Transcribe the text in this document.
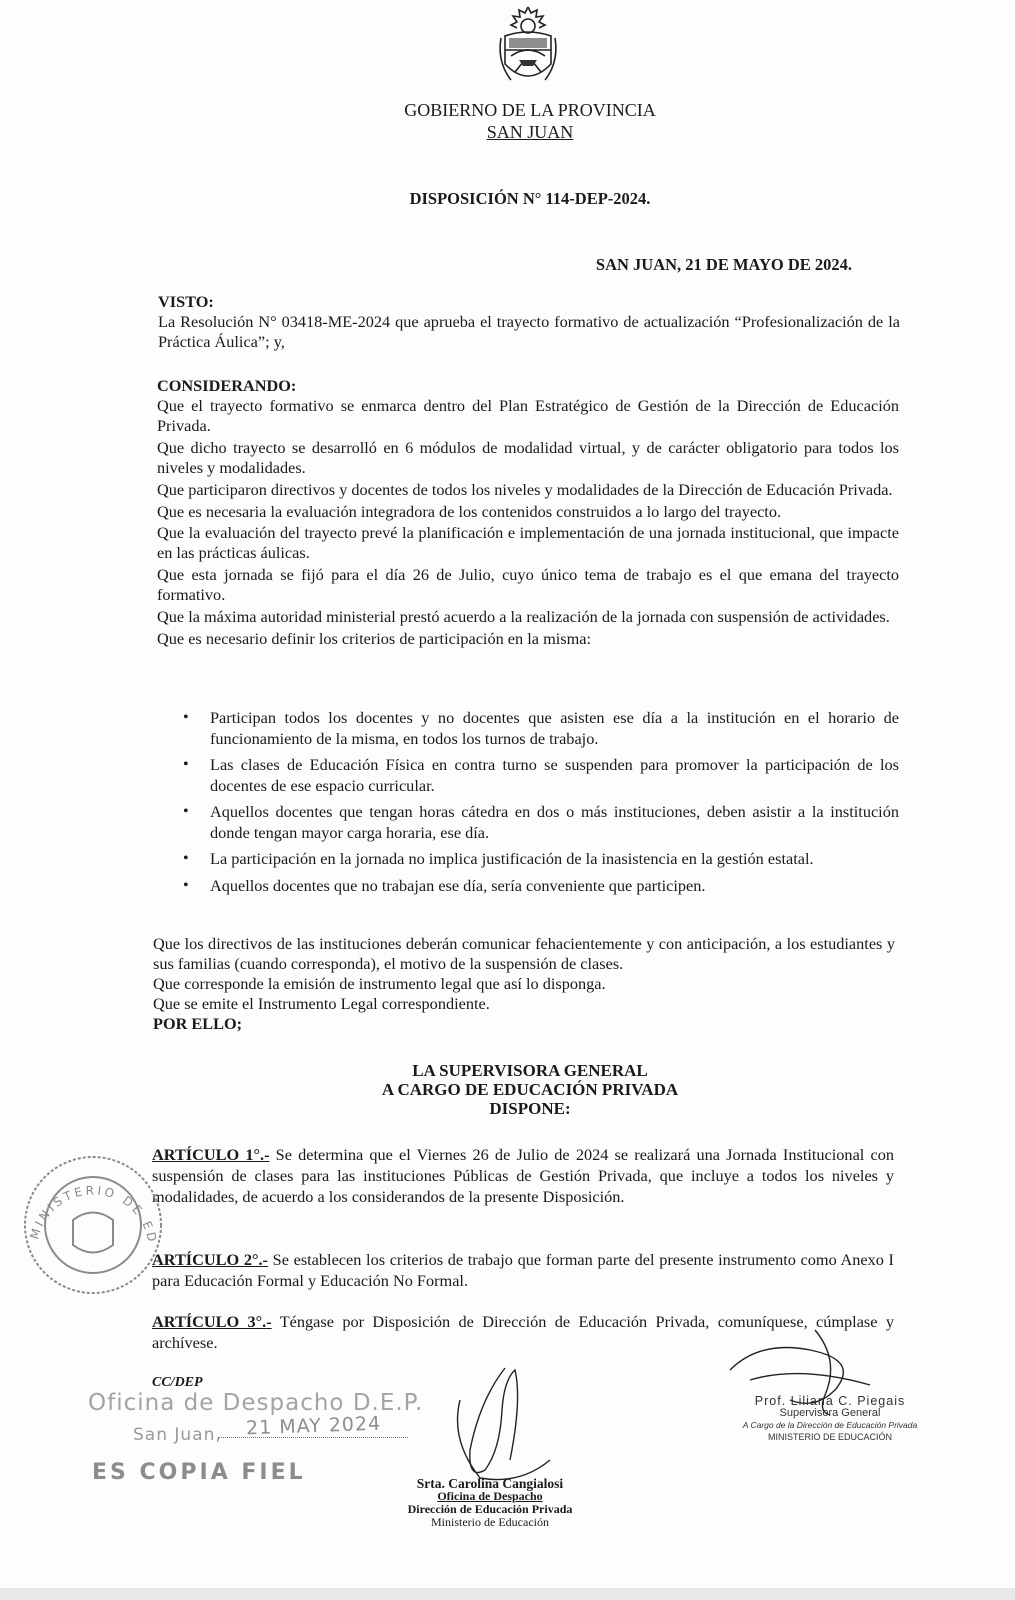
GOBIERNO DE LA PROVINCIA
SAN JUAN
DISPOSICIÓN N° 114-DEP-2024.
SAN JUAN, 21 DE MAYO DE 2024.
VISTO:

La Resolución N° 03418-ME-2024 que aprueba el trayecto formativo de actualización “Profesionalización de la Práctica Áulica”; y,

CONSIDERANDO:

Que el trayecto formativo se enmarca dentro del Plan Estratégico de Gestión de la Dirección de Educación Privada.

Que dicho trayecto se desarrolló en 6 módulos de modalidad virtual, y de carácter obligatorio para todos los niveles y modalidades.

Que participaron directivos y docentes de todos los niveles y modalidades de la Dirección de Educación Privada.

Que es necesaria la evaluación integradora de los contenidos construidos a lo largo del trayecto.

Que la evaluación del trayecto prevé la planificación e implementación de una jornada institucional, que impacte en las prácticas áulicas.

Que esta jornada se fijó para el día 26 de Julio, cuyo único tema de trabajo es el que emana del trayecto formativo.

Que la máxima autoridad ministerial prestó acuerdo a la realización de la jornada con suspensión de actividades.

Que es necesario definir los criterios de participación en la misma:

• Participan todos los docentes y no docentes que asisten ese día a la institución en el horario de funcionamiento de la misma, en todos los turnos de trabajo.
• Las clases de Educación Física en contra turno se suspenden para promover la participación de los docentes de ese espacio curricular.
• Aquellos docentes que tengan horas cátedra en dos o más instituciones, deben asistir a la institución donde tengan mayor carga horaria, ese día.
• La participación en la jornada no implica justificación de la inasistencia en la gestión estatal.
• Aquellos docentes que no trabajan ese día, sería conveniente que participen.

Que los directivos de las instituciones deberán comunicar fehacientemente y con anticipación, a los estudiantes y sus familias (cuando corresponda), el motivo de la suspensión de clases.

Que corresponde la emisión de instrumento legal que así lo disponga.

Que se emite el Instrumento Legal correspondiente.

POR ELLO;
LA SUPERVISORA GENERAL
A CARGO DE EDUCACIÓN PRIVADA
DISPONE:
ARTÍCULO 1°.- Se determina que el Viernes 26 de Julio de 2024 se realizará una Jornada Institucional con suspensión de clases para las instituciones Públicas de Gestión Privada, que incluye a todos los niveles y modalidades, de acuerdo a los considerandos de la presente Disposición.
ARTÍCULO 2°.- Se establecen los criterios de trabajo que forman parte del presente instrumento como Anexo I para Educación Formal y Educación No Formal.
ARTÍCULO 3°.- Téngase por Disposición de Dirección de Educación Privada, comuníquese, cúmplase y archívese.
MINISTERIO DE EDUCACIÓN
CC/DEP
Oficina de Despacho D.E.P.
San Juan, 21 MAY 2024
ES COPIA FIEL	Srta. Carolina Cangialosi
Oficina de Despacho
Dirección de Educación Privada
Ministerio de Educación
Prof. Liliana C. Piegais
Supervisora General
A Cargo de la Dirección de Educación Privada
MINISTERIO DE EDUCACIÓN
